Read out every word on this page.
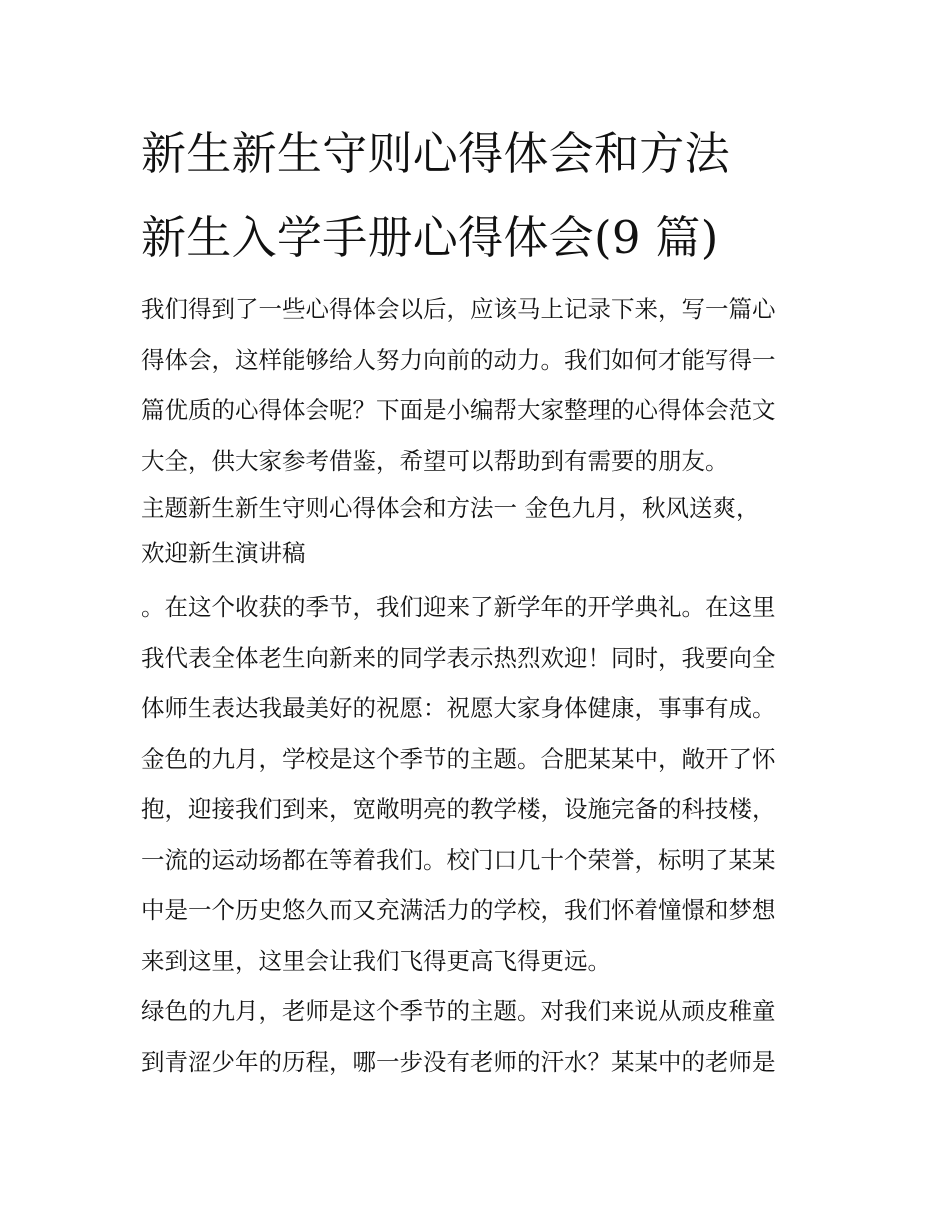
新生新生守则心得体会和方法
新生入学手册心得体会(9 篇)

我们得到了一些心得体会以后，应该马上记录下来，写一篇心

得体会，这样能够给人努力向前的动力。我们如何才能写得一

篇优质的心得体会呢？下面是小编帮大家整理的心得体会范文

大全，供大家参考借鉴，希望可以帮助到有需要的朋友。

主题新生新生守则心得体会和方法一 金色九月，秋风送爽，

欢迎新生演讲稿

。在这个收获的季节，我们迎来了新学年的开学典礼。在这里

我代表全体老生向新来的同学表示热烈欢迎！同时，我要向全

体师生表达我最美好的祝愿：祝愿大家身体健康，事事有成。

金色的九月，学校是这个季节的主题。合肥某某中，敞开了怀

抱，迎接我们到来，宽敞明亮的教学楼，设施完备的科技楼，

一流的运动场都在等着我们。校门口几十个荣誉，标明了某某

中是一个历史悠久而又充满活力的学校，我们怀着憧憬和梦想

来到这里，这里会让我们飞得更高飞得更远。

绿色的九月，老师是这个季节的主题。对我们来说从顽皮稚童

到青涩少年的历程，哪一步没有老师的汗水？某某中的老师是
